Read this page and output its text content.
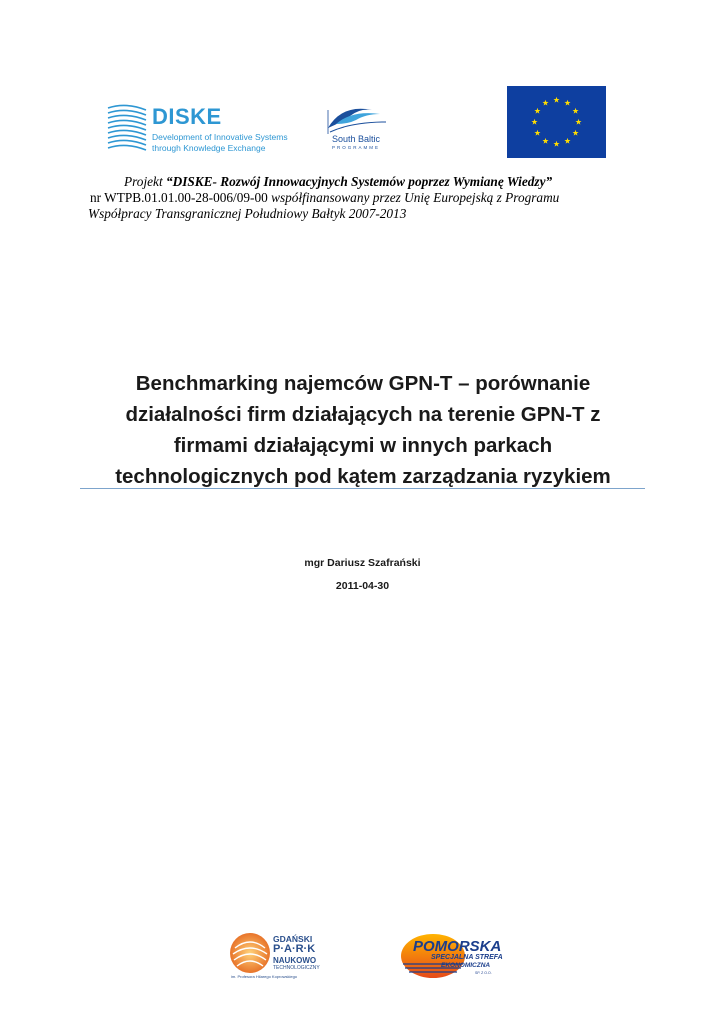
DISKE
Development of Innovative Systems
through Knowledge Exchange
South Baltic
PROGRAMME
Projekt “DISKE- Rozwój Innowacyjnych Systemów poprzez Wymianę Wiedzy”
nr WTPB.01.01.00-28-006/09-00 współfinansowany przez Unię Europejską z Programu
Współpracy Transgranicznej Południowy Bałtyk 2007-2013
Benchmarking najemców GPN-T – porównanie
działalności firm działających na terenie GPN-T z
firmami działającymi w innych parkach
technologicznych pod kątem zarządzania ryzykiem
mgr Dariusz Szafrański
2011-04-30
GDAŃSKI
P·A·R·K
NAUKOWO
TECHNOLOGICZNY
im. Profesora Hilarego Koprowskiego
POMORSKA
SPECJALNA STREFA
EKONOMICZNA
SP. Z O.O.
